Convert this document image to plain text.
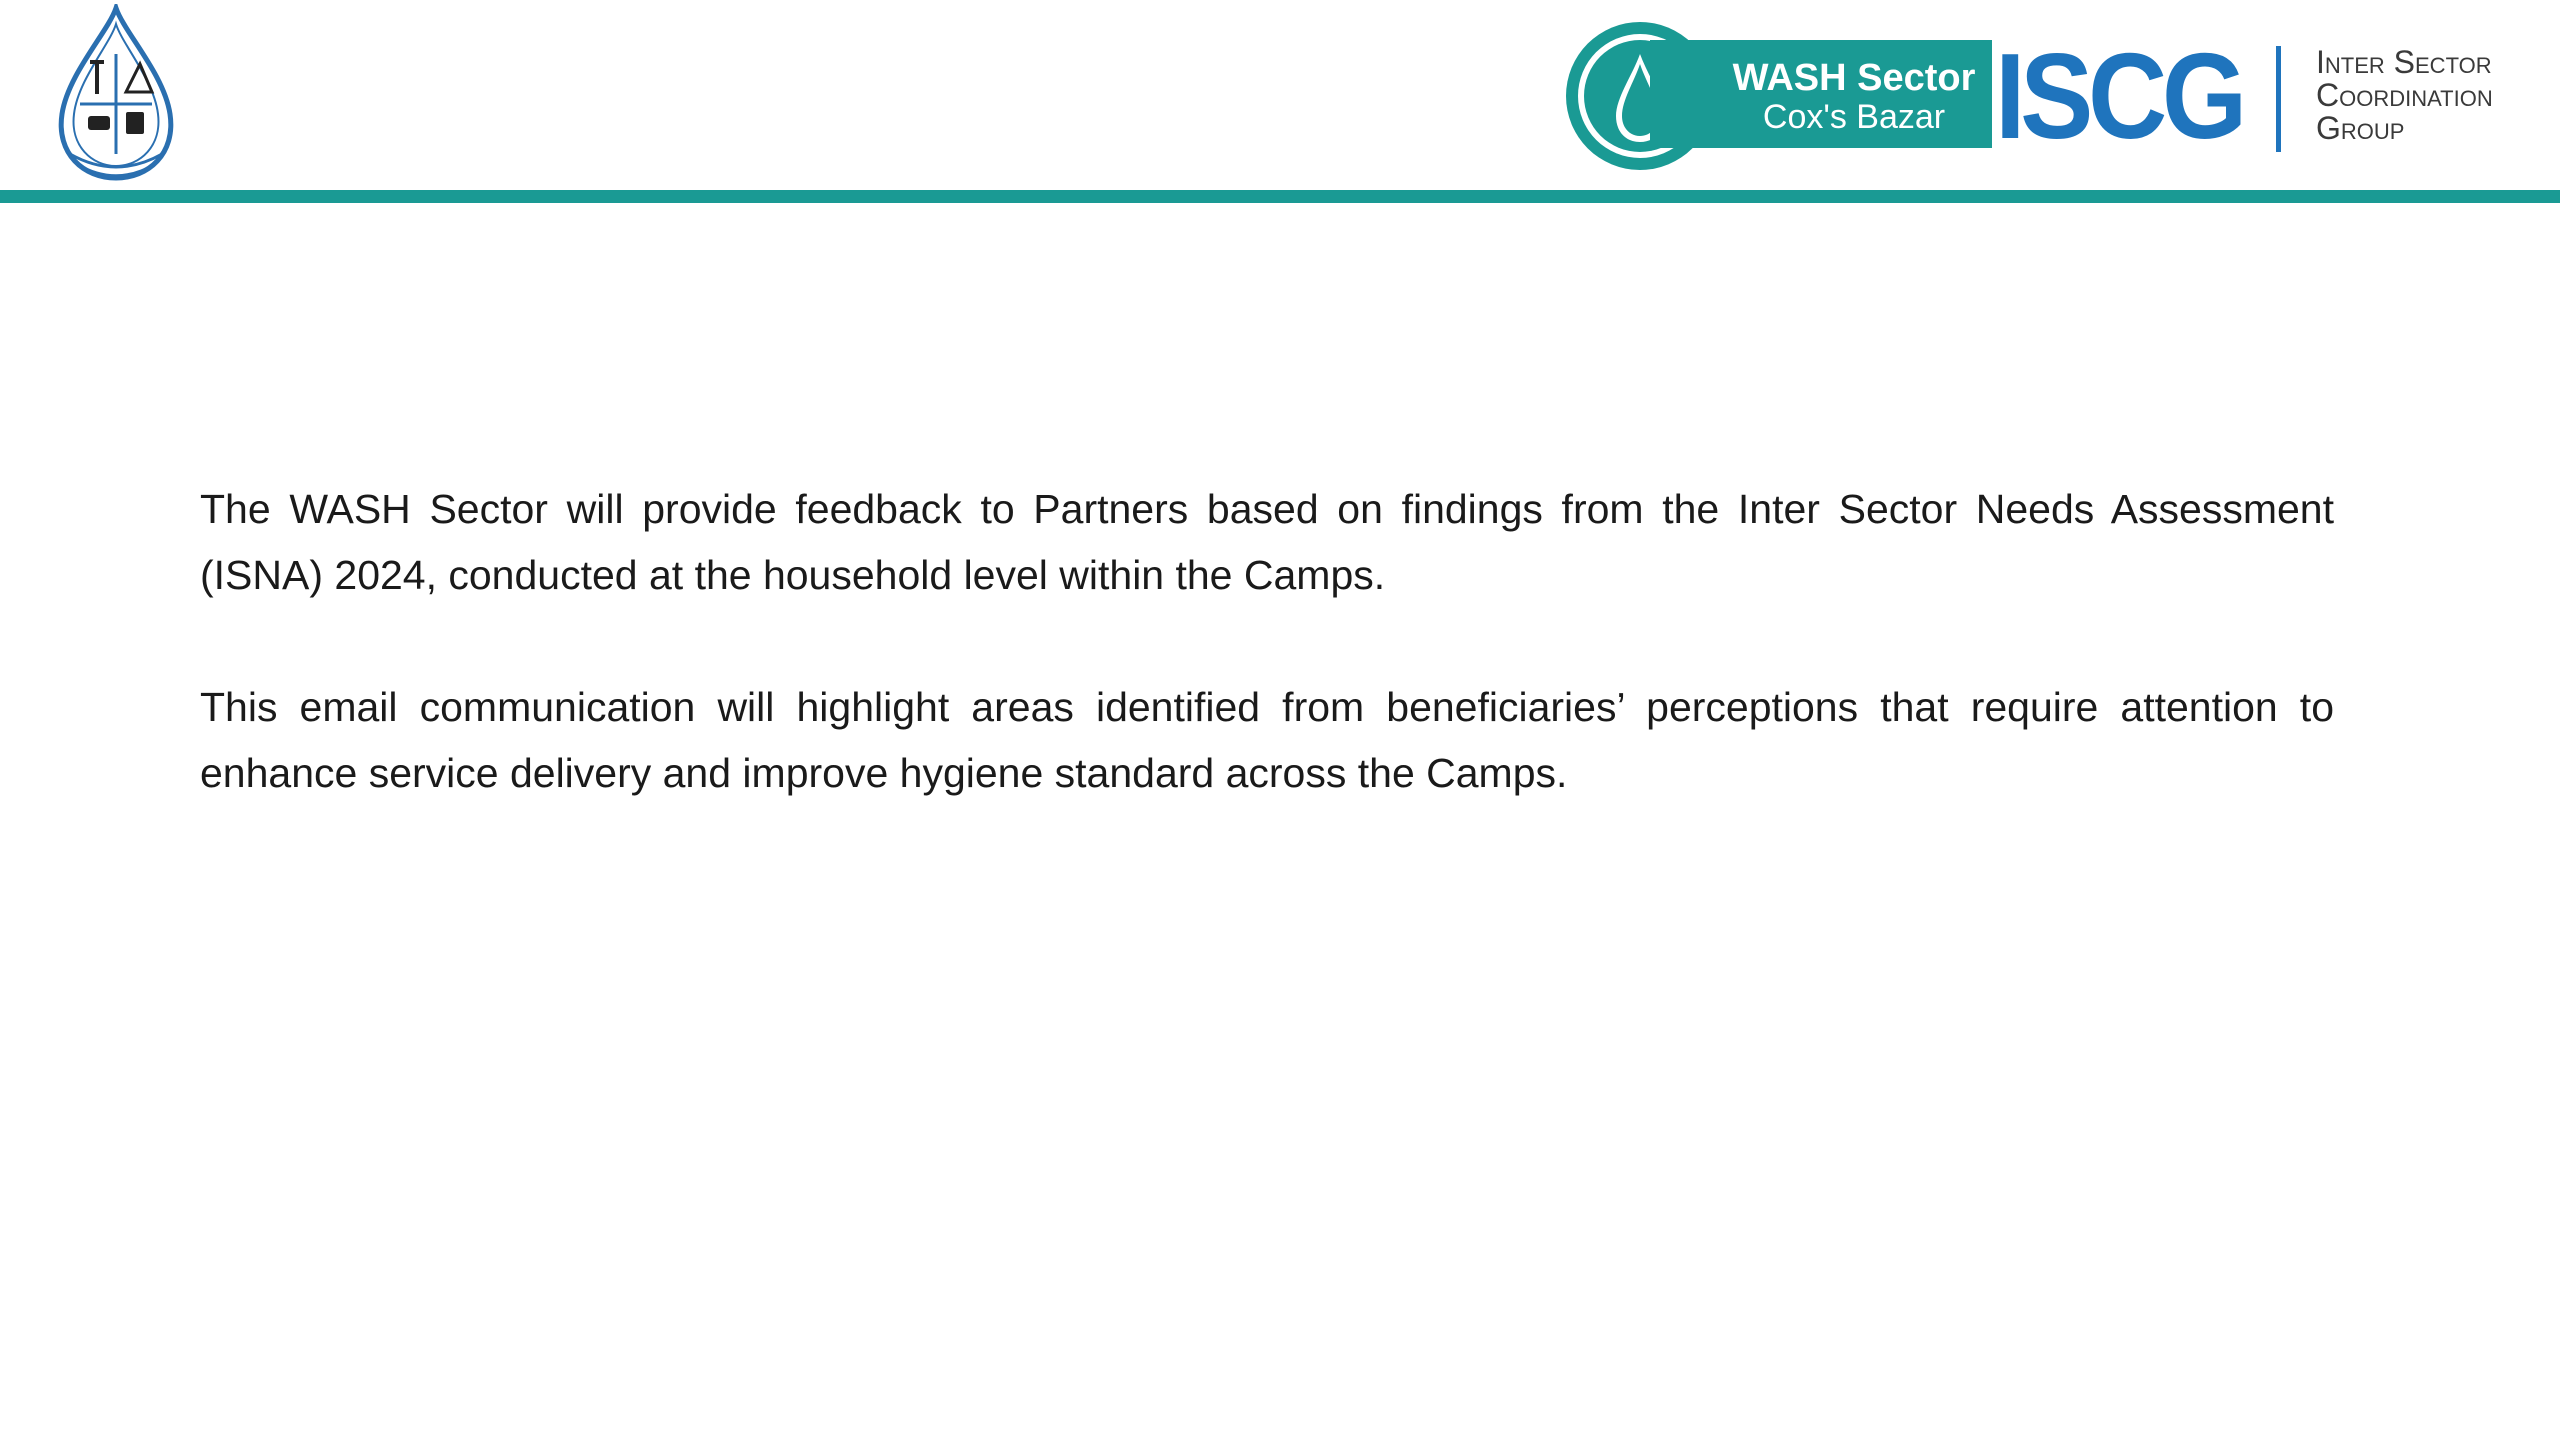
WASH Sector
Cox's Bazar ISCG Inter Sector
Coordination
Group

The WASH Sector will provide feedback to Partners based on findings from the Inter Sector Needs Assessment (ISNA) 2024, conducted at the household level within the Camps.

This email communication will highlight areas identified from beneficiaries’ perceptions that require attention to enhance service delivery and improve hygiene standard across the Camps.
